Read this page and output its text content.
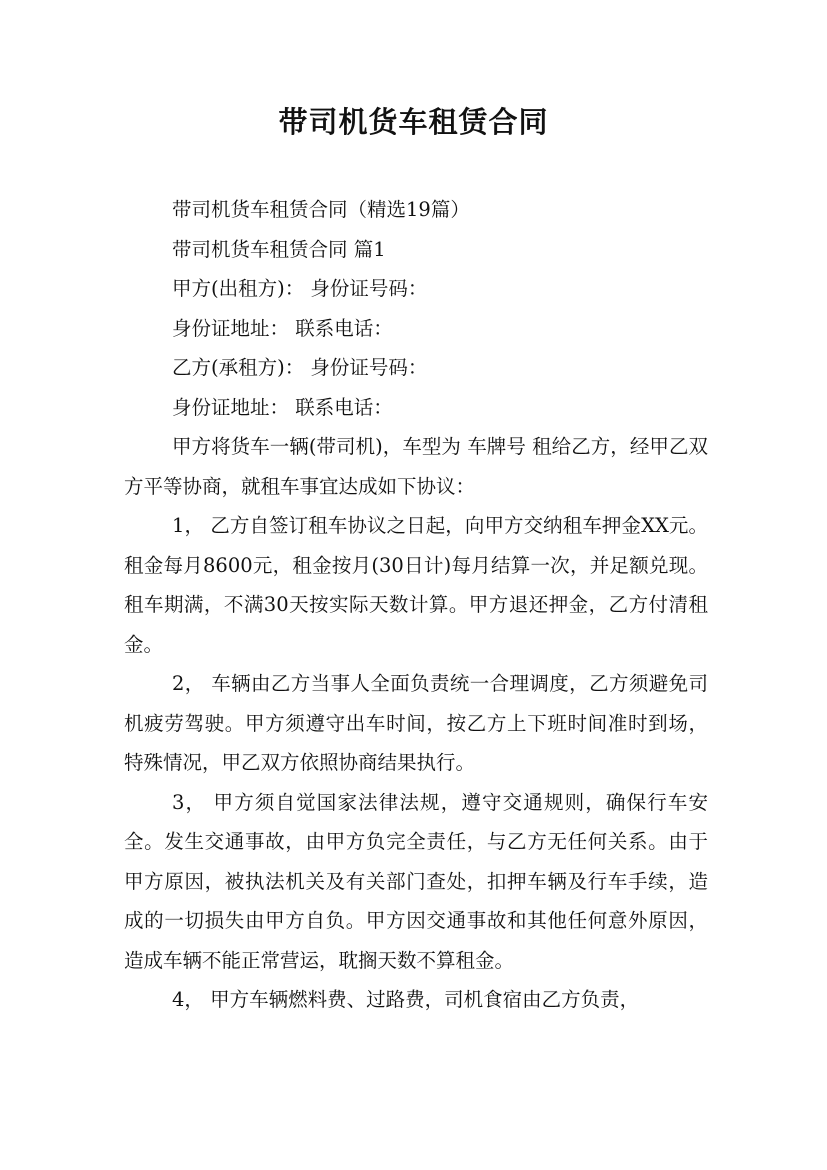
带司机货车租赁合同
带司机货车租赁合同（精选19篇）
带司机货车租赁合同 篇1
甲方(出租方)： 身份证号码：
身份证地址： 联系电话：
乙方(承租方)： 身份证号码：
身份证地址： 联系电话：
甲方将货车一辆(带司机)，车型为 车牌号 租给乙方，经甲乙双方平等协商，就租车事宜达成如下协议：
1， 乙方自签订租车协议之日起，向甲方交纳租车押金XX元。租金每月8600元，租金按月(30日计)每月结算一次，并足额兑现。租车期满，不满30天按实际天数计算。甲方退还押金，乙方付清租金。
2， 车辆由乙方当事人全面负责统一合理调度，乙方须避免司机疲劳驾驶。甲方须遵守出车时间，按乙方上下班时间准时到场，特殊情况，甲乙双方依照协商结果执行。
3， 甲方须自觉国家法律法规，遵守交通规则，确保行车安全。发生交通事故，由甲方负完全责任，与乙方无任何关系。由于甲方原因，被执法机关及有关部门查处，扣押车辆及行车手续，造成的一切损失由甲方自负。甲方因交通事故和其他任何意外原因，造成车辆不能正常营运，耽搁天数不算租金。
4， 甲方车辆燃料费、过路费，司机食宿由乙方负责，
